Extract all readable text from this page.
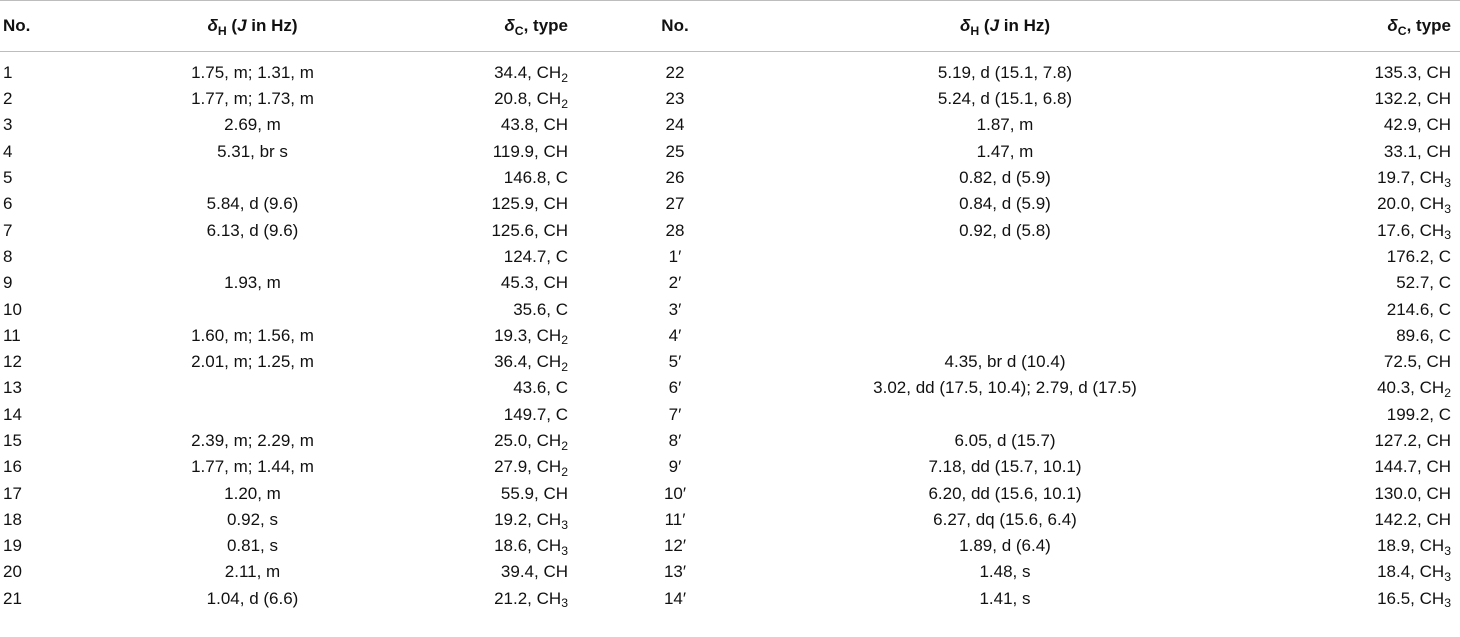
No.	$\delta_H$ (J in Hz)	$\delta_C$, type	No.	$\delta_H$ (J in Hz)	$\delta_C$, type
1	1.75, m; 1.31, m	34.4, $CH_2$	22	5.19, d (15.1, 7.8)	135.3, CH
2	1.77, m; 1.73, m	20.8, $CH_2$	23	5.24, d (15.1, 6.8)	132.2, CH
3	2.69, m	43.8, CH	24	1.87, m	42.9, CH
4	5.31, br s	119.9, CH	25	1.47, m	33.1, CH
5		146.8, C	26	0.82, d (5.9)	19.7, $CH_3$
6	5.84, d (9.6)	125.9, CH	27	0.84, d (5.9)	20.0, $CH_3$
7	6.13, d (9.6)	125.6, CH	28	0.92, d (5.8)	17.6, $CH_3$
8		124.7, C	1′		176.2, C
9	1.93, m	45.3, CH	2′		52.7, C
10		35.6, C	3′		214.6, C
11	1.60, m; 1.56, m	19.3, $CH_2$	4′		89.6, C
12	2.01, m; 1.25, m	36.4, $CH_2$	5′	4.35, br d (10.4)	72.5, CH
13		43.6, C	6′	3.02, dd (17.5, 10.4); 2.79, d (17.5)	40.3, $CH_2$
14		149.7, C	7′		199.2, C
15	2.39, m; 2.29, m	25.0, $CH_2$	8′	6.05, d (15.7)	127.2, CH
16	1.77, m; 1.44, m	27.9, $CH_2$	9′	7.18, dd (15.7, 10.1)	144.7, CH
17	1.20, m	55.9, CH	10′	6.20, dd (15.6, 10.1)	130.0, CH
18	0.92, s	19.2, $CH_3$	11′	6.27, dq (15.6, 6.4)	142.2, CH
19	0.81, s	18.6, $CH_3$	12′	1.89, d (6.4)	18.9, $CH_3$
20	2.11, m	39.4, CH	13′	1.48, s	18.4, $CH_3$
21	1.04, d (6.6)	21.2, $CH_3$	14′	1.41, s	16.5, $CH_3$
